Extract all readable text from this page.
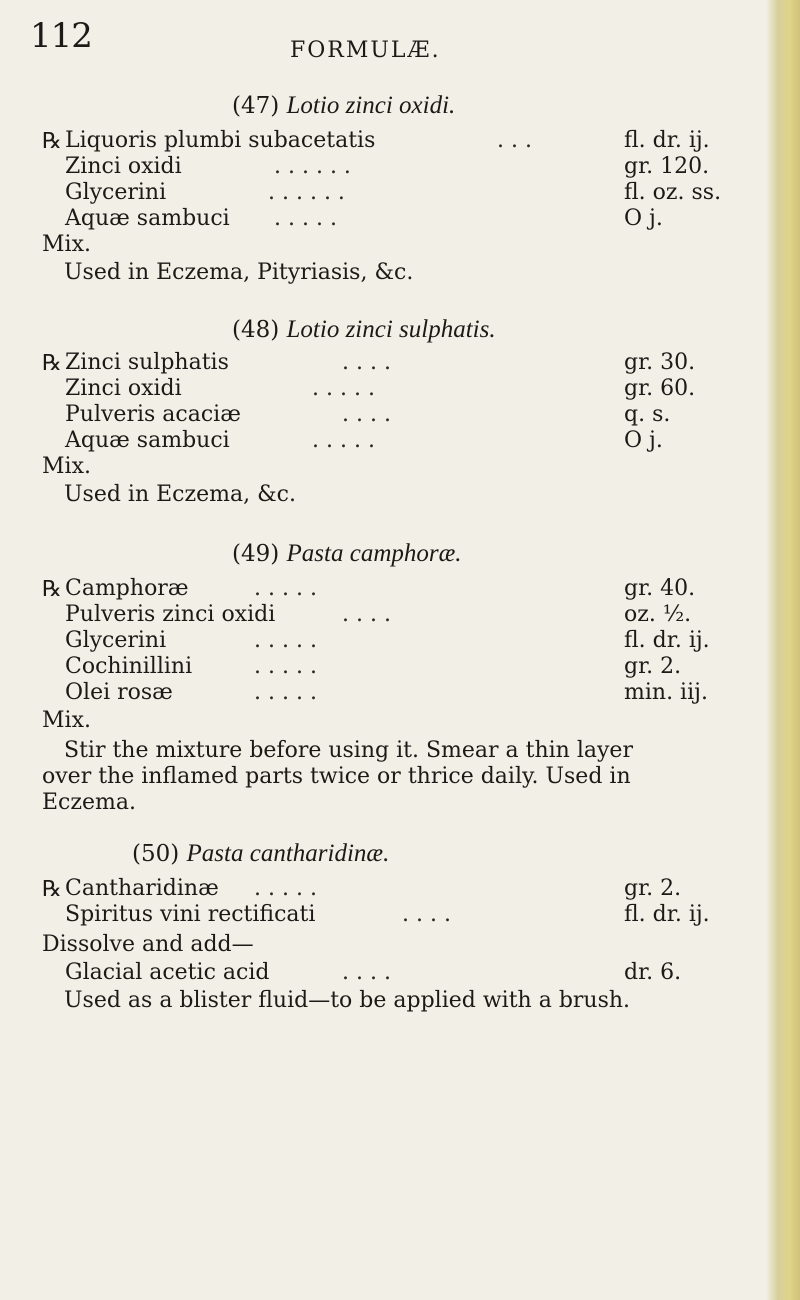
112	FORMULÆ.
(47) Lotio zinci oxidi.
℞ Liquoris plumbi subacetatis	. . .	fl. dr. ij.
Zinci oxidi	. . . . . .	gr. 120.
Glycerini	. . . . . .	fl. oz. ss.
Aquæ sambuci . . . . .	O j.
Mix.
Used in Eczema, Pityriasis, &c.
(48) Lotio zinci sulphatis.
℞ Zinci sulphatis	. . . .	gr. 30.
Zinci oxidi	. . . . .	gr. 60.
Pulveris acaciæ	. . . .	q. s.
Aquæ sambuci	. . . . .	O j.
Mix.
Used in Eczema, &c.
(49) Pasta camphoræ.
℞ Camphoræ	. . . . .	gr. 40.
Pulveris zinci oxidi	. . . .	oz. ½.
Glycerini	. . . . .	fl. dr. ij.
Cochinillini	. . . . .	gr. 2.
Olei rosæ	. . . . .	min. iij.
Mix.
Stir the mixture before using it. Smear a thin layer
over the inflamed parts twice or thrice daily. Used in
Eczema.
(50) Pasta cantharidinæ.
℞ Cantharidinæ . . . . .	gr. 2.
Spiritus vini rectificati	. . . .	fl. dr. ij.
Dissolve and add—
Glacial acetic acid	. . . .	dr. 6.
Used as a blister fluid—to be applied with a brush.
